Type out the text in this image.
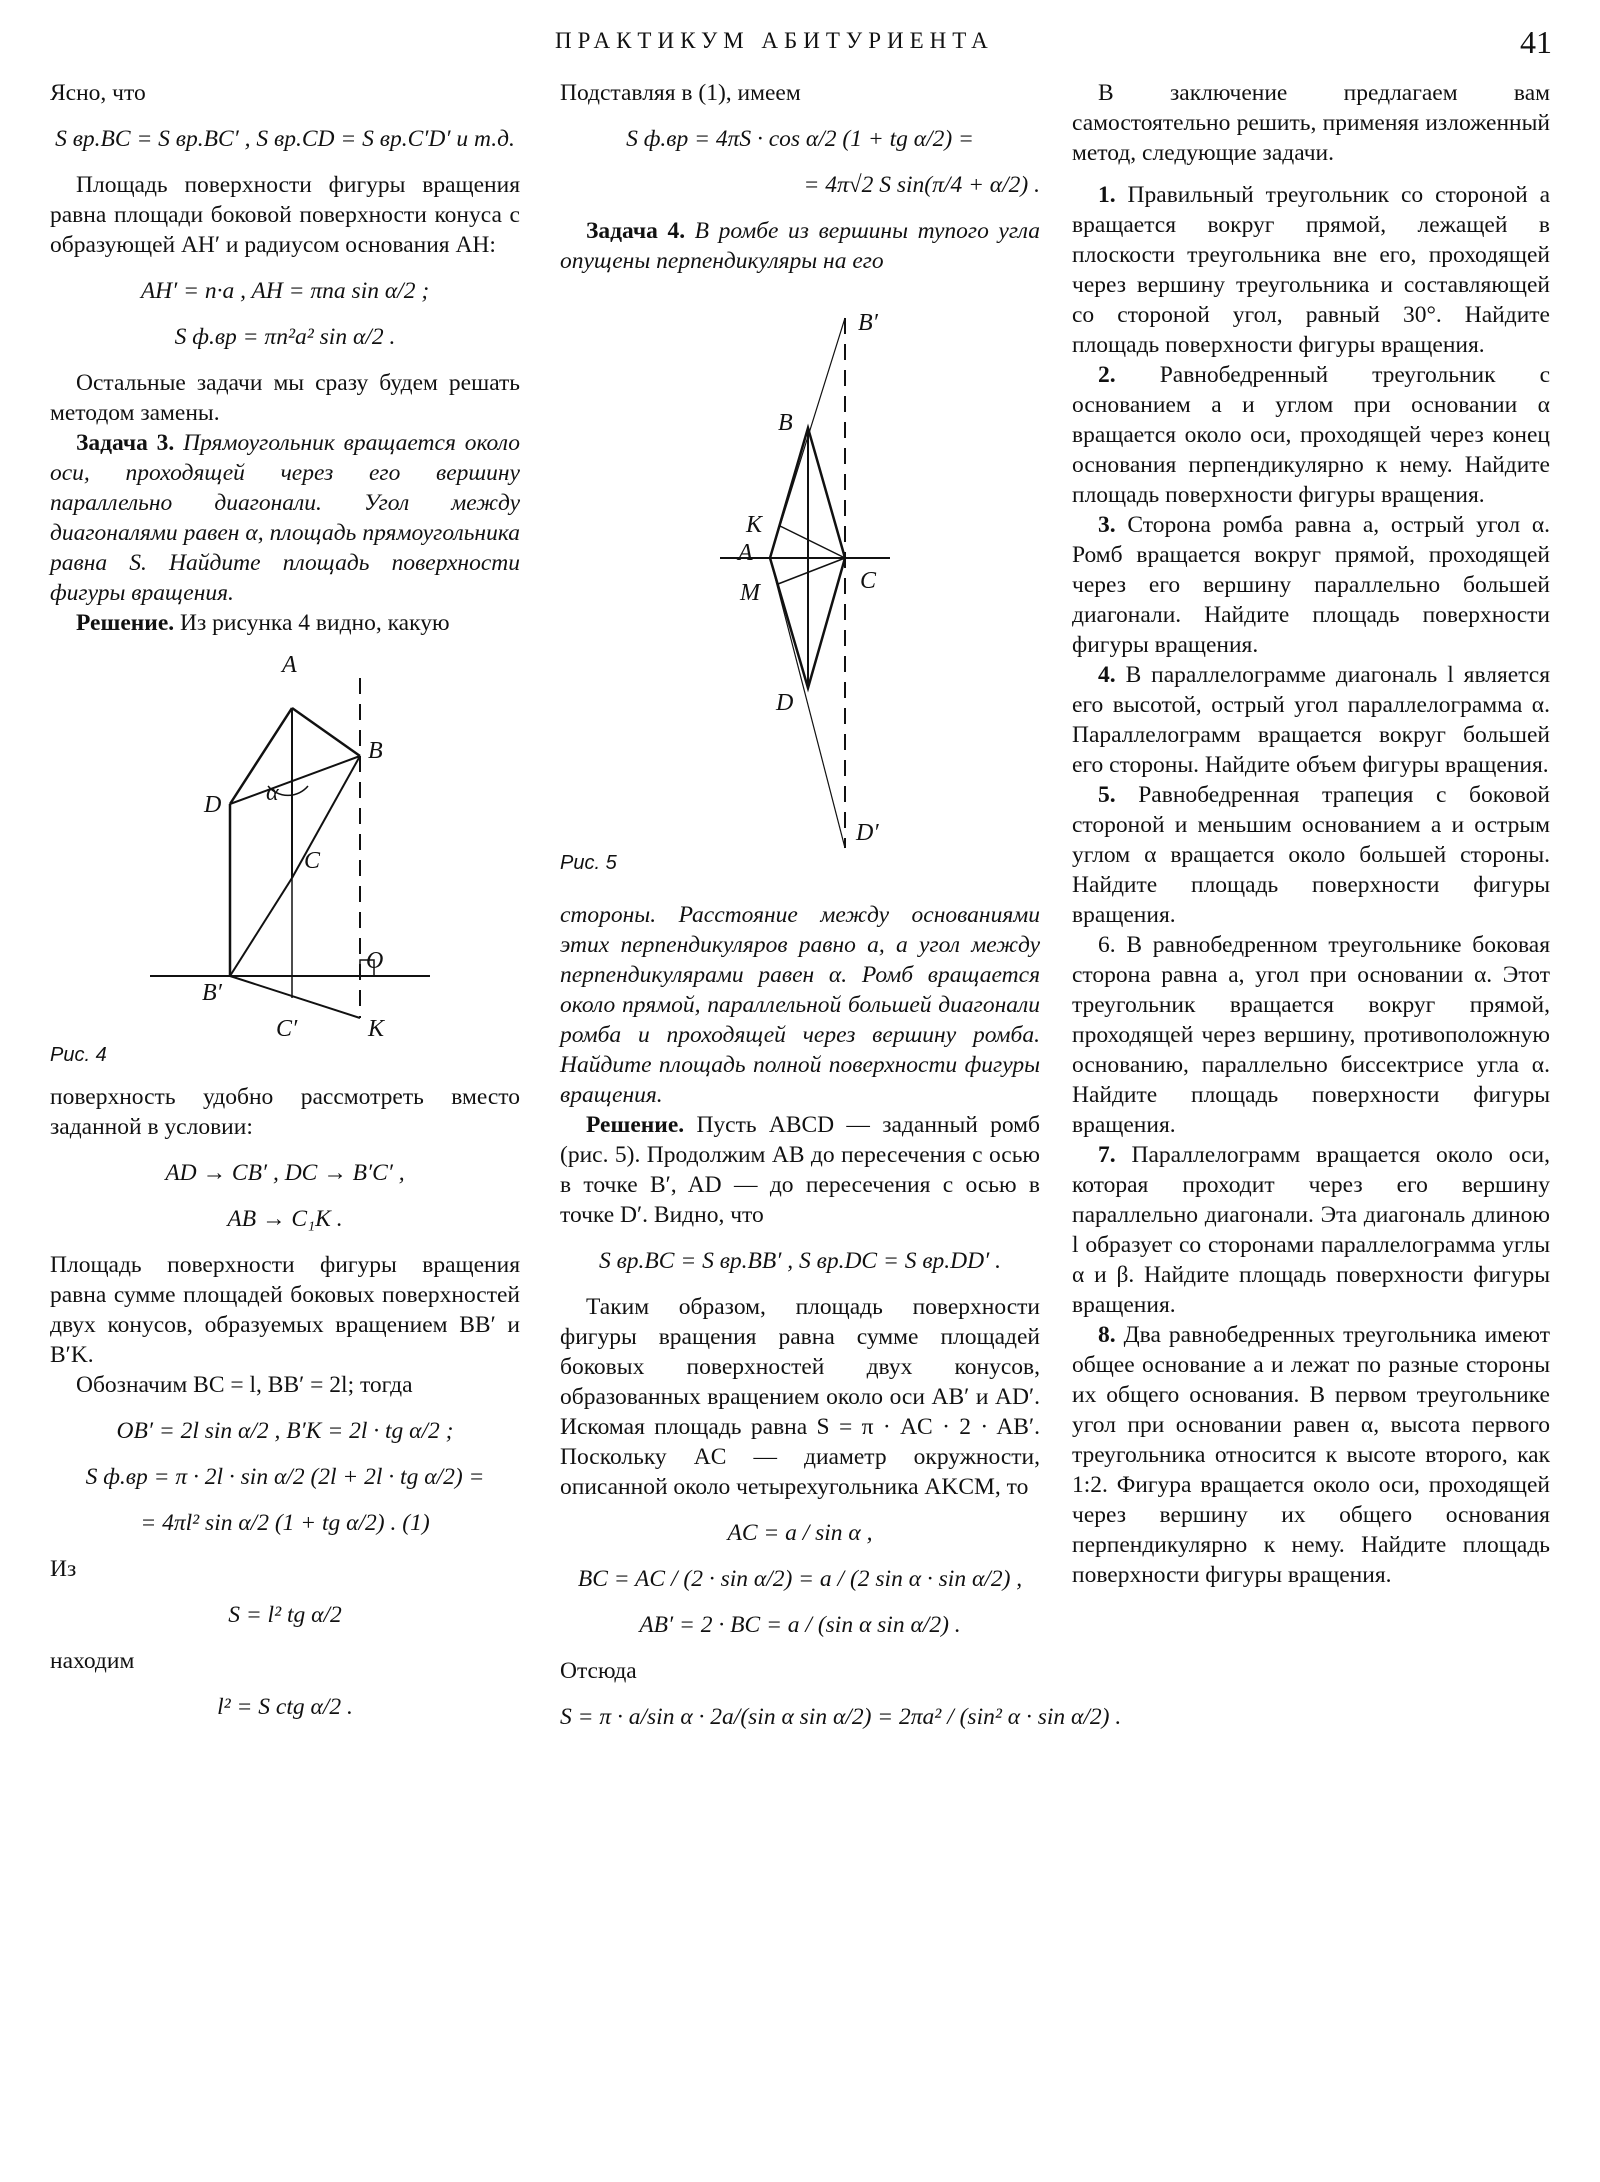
ПРАКТИКУМ АБИТУРИЕНТА	41

Ясно, что

S вр.BC = S вр.BC′ , S вр.CD = S вр.C′D′ и т.д.

Площадь поверхности фигуры вращения равна площади боковой поверхности конуса с образующей AH′ и радиусом основания AH:

AH′ = n·a , AH = πna sin α/2 ;
S ф.вр = πn²a² sin α/2 .

Остальные задачи мы сразу будем решать методом замены.

Задача 3. Прямоугольник вращается около оси, проходящей через его вершину параллельно диагонали. Угол между диагоналями равен α, площадь прямоугольника равна S. Найдите площадь поверхности фигуры вращения.

Решение. Из рисунка 4 видно, какую

A
B
D α
C
O
B′
C′	K
Рис. 4

поверхность удобно рассмотреть вместо заданной в условии:

AD → CB′ , DC → B′C′ ,
AB → C₁K .

Площадь поверхности фигуры вращения равна сумме площадей боковых поверхностей двух конусов, образуемых вращением BB′ и B′K.

Обозначим BC = l, BB′ = 2l; тогда

OB′ = 2l sin α/2 , B′K = 2l · tg α/2 ;
S ф.вр = π · 2l · sin α/2 (2l + 2l · tg α/2) =
= 4πl² sin α/2 (1 + tg α/2) . (1)

Из

S = l² tg α/2

находим

l² = S ctg α/2 .

Подставляя в (1), имеем

S ф.вр = 4πS · cos α/2 (1 + tg α/2) =
= 4π√2 S sin(π/4 + α/2) .

Задача 4. В ромбе из вершины тупого угла опущены перпендикуляры на его

B′
B
K
A
M	C
D
D′
Рис. 5

стороны. Расстояние между основаниями этих перпендикуляров равно a, а угол между перпендикулярами равен α. Ромб вращается около прямой, параллельной большей диагонали ромба и проходящей через вершину ромба. Найдите площадь полной поверхности фигуры вращения.

Решение. Пусть ABCD — заданный ромб (рис. 5). Продолжим AB до пересечения с осью в точке B′, AD — до пересечения с осью в точке D′. Видно, что

S вр.BC = S вр.BB′ , S вр.DC = S вр.DD′ .

Таким образом, площадь поверхности фигуры вращения равна сумме площадей боковых поверхностей двух конусов, образованных вращением около оси AB′ и AD′. Искомая площадь равна S = π · AC · 2 · AB′. Поскольку AC — диаметр окружности, описанной около четырехугольника AKCM, то

AC = a / sin α ,
BC = AC / (2 · sin α/2) = a / (2 sin α · sin α/2) ,
AB′ = 2 · BC = a / (sin α sin α/2) .

Отсюда

S = π · a/sin α · 2a/(sin α sin α/2) = 2πa² / (sin² α · sin α/2) .

В заключение предлагаем вам самостоятельно решить, применяя изложенный метод, следующие задачи.

1. Правильный треугольник со стороной a вращается вокруг прямой, лежащей в плоскости треугольника вне его, проходящей через вершину треугольника и составляющей со стороной угол, равный 30°. Найдите площадь поверхности фигуры вращения.

2. Равнобедренный треугольник с основанием a и углом при основании α вращается около оси, проходящей через конец основания перпендикулярно к нему. Найдите площадь поверхности фигуры вращения.

3. Сторона ромба равна a, острый угол α. Ромб вращается вокруг прямой, проходящей через его вершину параллельно большей диагонали. Найдите площадь поверхности фигуры вращения.

4. В параллелограмме диагональ l является его высотой, острый угол параллелограмма α. Параллелограмм вращается вокруг большей его стороны. Найдите объем фигуры вращения.

5. Равнобедренная трапеция с боковой стороной и меньшим основанием a и острым углом α вращается около большей стороны. Найдите площадь поверхности фигуры вращения.

6. В равнобедренном треугольнике боковая сторона равна a, угол при основании α. Этот треугольник вращается вокруг прямой, проходящей через вершину, противоположную основанию, параллельно биссектрисе угла α. Найдите площадь поверхности фигуры вращения.

7. Параллелограмм вращается около оси, которая проходит через его вершину параллельно диагонали. Эта диагональ длиною l образует со сторонами параллелограмма углы α и β. Найдите площадь поверхности фигуры вращения.

8. Два равнобедренных треугольника имеют общее основание a и лежат по разные стороны их общего основания. В первом треугольнике угол при основании равен α, высота первого треугольника относится к высоте второго, как 1:2. Фигура вращается около оси, проходящей через вершину их общего основания перпендикулярно к нему. Найдите площадь поверхности фигуры вращения.
